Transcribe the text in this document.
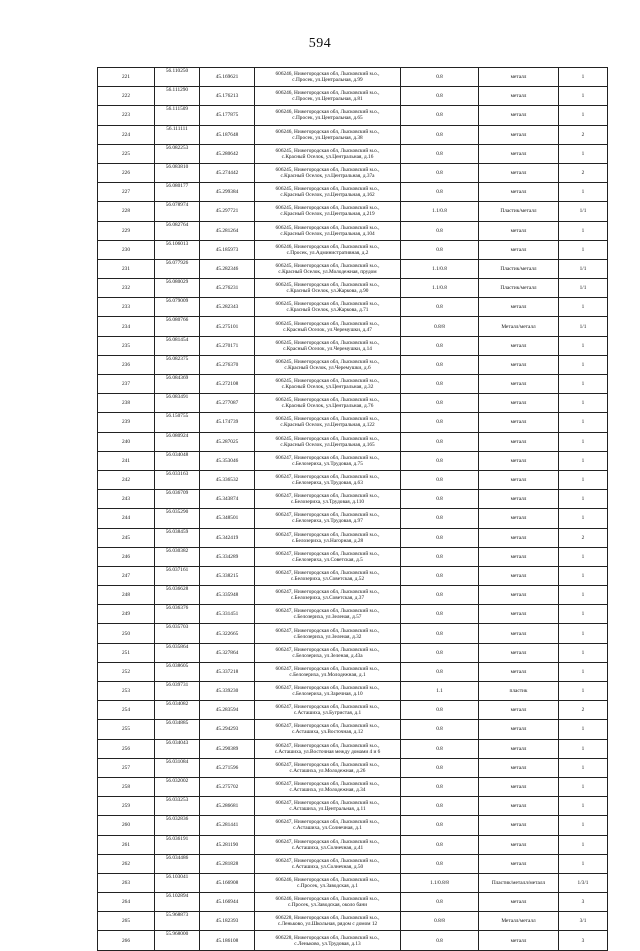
594
221	56.110250	45.169621	606246, Нижегородская обл, Лысковский м.о.,
с.Просек, ул.Центральная, д.99	0.8	металл	1
222	56.111290	45.176213	606246, Нижегородская обл, Лысковский м.о.,
с.Просек, ул.Центральная, д.81	0.8	металл	1
223	56.111509	45.177875	606246, Нижегородская обл, Лысковский м.о.,
с.Просек, ул.Центральная, д.65	0.8	металл	1
224	56.111111	45.187648	606246, Нижегородская обл, Лысковский м.о.,
с.Просек, ул.Центральная, д.38	0.8	металл	2
225	56.082253	45.280642	606245, Нижегородская обл, Лысковский м.о.,
с.Красный Оселок, ул.Центральная, д.16	0.8	металл	1
226	56.083810	45.274442	606245, Нижегородская обл, Лысковский м.о.,
с.Красный Оселок, ул.Центральная, д.37а	0.8	металл	2
227	56.080177	45.299384	606245, Нижегородская обл, Лысковский м.о.,
с.Красный Оселок, ул.Центральная, д.162	0.8	металл	1
228	56.078974	45.297721	606245, Нижегородская обл, Лысковский м.о.,
с.Красный Оселок, ул.Центральная, д.219	1.1/0.8	Пластик/металл	1/1
229	56.082764	45.281264	606245, Нижегородская обл, Лысковский м.о.,
с.Красный Оселок, ул.Центральная, д.104	0.8	металл	1
230	56.106013	45.185973	606246, Нижегородская обл, Лысковский м.о.,
с.Просек, ул.Административная, д.2	0.8	металл	1
231	56.077926	45.282346	606245, Нижегородская обл, Лысковский м.о.,
с.Красный Оселок, ул.Молодежная, прудом	1.1/0.8	Пластик/металл	1/1
232	56.080029	45.276231	606245, Нижегородская обл, Лысковский м.о.,
с.Красный Оселок, ул.Жаркова, д.90	1.1/0.8	Пластик/металл	1/1
233	56.079009	45.282343	606245, Нижегородская обл, Лысковский м.о.,
с.Красный Оселок, ул.Жаркова, д.71	0.8	металл	1
234	56.080766	45.275101	606245, Нижегородская обл, Лысковский м.о.,
с.Красный Оселок, ул.Черемушки, д.47	0.8/8	Металл/металл	1/1
235	56.081454	45.270171	606245, Нижегородская обл, Лысковский м.о.,
с.Красный Оселок, ул.Черемушки, д.14	0.8	металл	1
236	56.082375	45.276370	606245, Нижегородская обл, Лысковский м.о.,
с.Красный Оселок, ул.Черемушки, д.6	0.8	металл	1
237	56.084369	45.272108	606245, Нижегородская обл, Лысковский м.о.,
с.Красный Оселок, ул.Центральная, д.32	0.8	металл	1
238	56.083491	45.277087	606245, Нижегородская обл, Лысковский м.о.,
с.Красный Оселок, ул.Центральная, д.76	0.8	металл	1
239	56.150755	45.174739	606245, Нижегородская обл, Лысковский м.о.,
с.Красный Оселок, ул.Центральная, д.122	0.8	металл	1
240	56.080924	45.287025	606245, Нижегородская обл, Лысковский м.о.,
с.Красный Оселок, ул.Центральная, д.165	0.8	металл	1
241	56.034048	45.353046	606247, Нижегородская обл, Лысковский м.о.,
с.Белозериха, ул.Трудовая, д.75	0.8	металл	1
242	56.033163	45.336532	606247, Нижегородская обл, Лысковский м.о.,
с.Белозериха, ул.Трудовая, д.63	0.8	металл	1
243	56.036709	45.343874	606247, Нижегородская обл, Лысковский м.о.,
с.Белозериха, ул.Трудовая, д.110	0.8	металл	1
244	56.035290	45.348501	606247, Нижегородская обл, Лысковский м.о.,
с.Белозериха, ул.Трудовая, д.97	0.8	металл	1
245	56.038459	45.342419	606247, Нижегородская обл, Лысковский м.о.,
с.Белозериха, ул.Нагорная, д.28	0.8	металл	2
246	56.030382	45.334289	606247, Нижегородская обл, Лысковский м.о.,
с.Белозериха, ул.Советская, д.5	0.8	металл	1
247	56.037161	45.338215	606247, Нижегородская обл, Лысковский м.о.,
с.Белозериха, ул.Советская, д.52	0.8	металл	1
248	56.036628	45.335948	606247, Нижегородская обл, Лысковский м.о.,
с.Белозериха, ул.Советская, д.37	0.8	металл	1
249	56.036376	45.331451	606247, Нижегородская обл, Лысковский м.о.,
с.Белозериха, ул.Зеленая, д.57	0.8	металл	1
250	56.035703	45.322665	606247, Нижегородская обл, Лысковский м.о.,
с.Белозериха, ул.Зеленая, д.32	0.8	металл	1
251	56.035864	45.327864	606247, Нижегородская обл, Лысковский м.о.,
с.Белозериха, ул.Зеленая, д.43а	0.8	металл	1
252	56.038605	45.337218	606247, Нижегородская обл, Лысковский м.о.,
с.Белозериха, ул.Молодежная, д.1	0.8	металл	1
253	56.039731	45.339230	606247, Нижегородская обл, Лысковский м.о.,
с.Белозериха, ул.Заречная, д.10	1.1	пластик	1
254	56.034082	45.283594	606247, Нижегородская обл, Лысковский м.о.,
с.Асташиха, ул.Бугристая, д.1	0.8	металл	2
255	56.034885	45.294293	606247, Нижегородская обл, Лысковский м.о.,
с.Асташиха, ул.Восточная, д.12	0.8	металл	1
256	56.034043	45.290389	606247, Нижегородская обл, Лысковский м.о.,
с.Асташиха, ул.Восточная между домами 4 и 6	0.8	металл	1
257	56.031084	45.271596	606247, Нижегородская обл, Лысковский м.о.,
с.Асташиха, ул.Молодежная, д.26	0.8	металл	1
258	56.032002	45.275702	606247, Нижегородская обл, Лысковский м.о.,
с.Асташиха, ул.Молодежная, д.34	0.8	металл	1
259	56.033253	45.286681	606247, Нижегородская обл, Лысковский м.о.,
с.Асташиха, ул.Центральная, д.11	0.8	металл	1
260	56.032836	45.281441	606247, Нижегородская обл, Лысковский м.о.,
с.Асташиха, ул.Солнечная, д.1	0.8	металл	1
261	56.036191	45.281190	606247, Нижегородская обл, Лысковский м.о.,
с.Асташиха, ул.Солнечная, д.41	0.8	металл	1
262	56.034486	45.281828	606247, Нижегородская обл, Лысковский м.о.,
с.Асташиха, ул.Солнечная, д.50	0.8	металл	1
263	56.103041	45.166908	606246, Нижегородская обл, Лысковский м.о.,
с.Просек, ул.Заводская, д.1	1.1/0.8/8	Пластик/металл/металл	1/3/1
264	56.102894	45.166944	606246, Нижегородская обл, Лысковский м.о.,
с.Просек, ул.Заводская, около бани	0.8	металл	3
265	55.968873	45.182393	606228, Нижегородская обл, Лысковский м.о.,
с.Леньково, ул.Школьная, рядом с домом 12	0.8/8	Металл/металл	3/1
266	55.968000	45.186108	606228, Нижегородская обл, Лысковский м.о.,
с.Леньково, ул.Трудовая, д.13	0.8	металл	3
